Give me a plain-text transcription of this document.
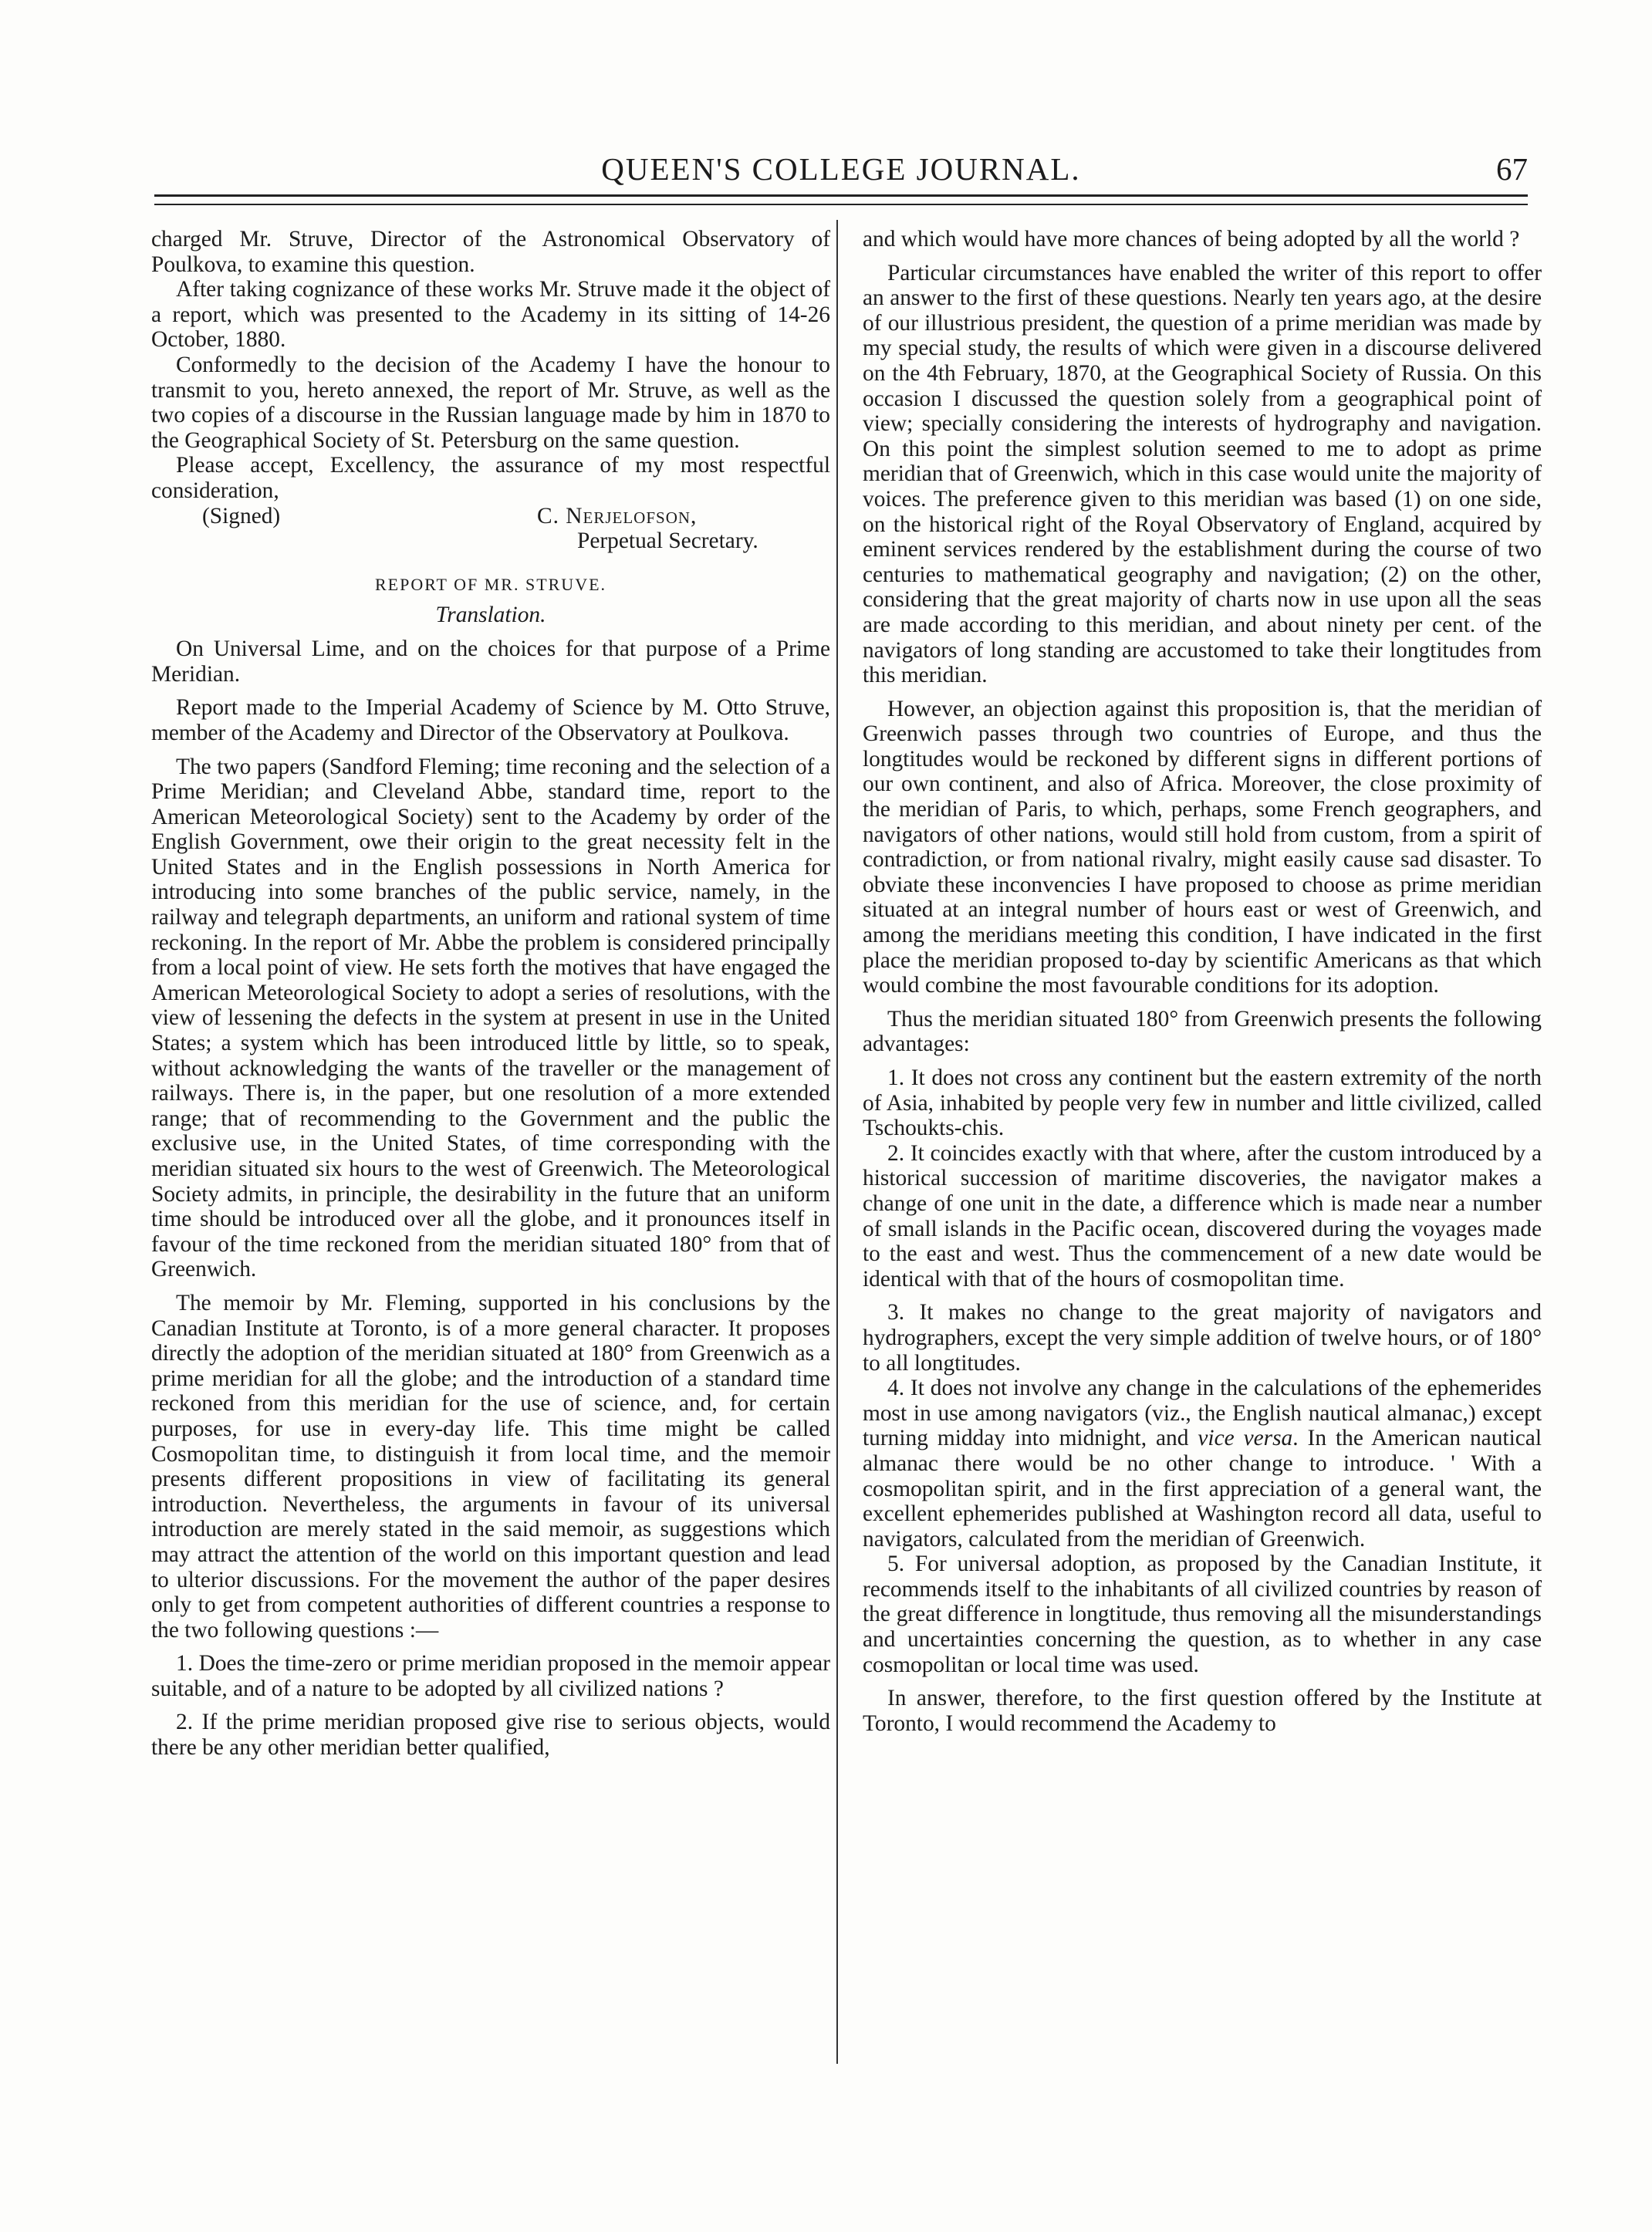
QUEEN'S COLLEGE JOURNAL.	67

charged Mr. Struve, Director of the Astronomical Observatory of Poulkova, to examine this question.

After taking cognizance of these works Mr. Struve made it the object of a report, which was presented to the Academy in its sitting of 14-26 October, 1880.

Conformedly to the decision of the Academy I have the honour to transmit to you, hereto annexed, the report of Mr. Struve, as well as the two copies of a discourse in the Russian language made by him in 1870 to the Geographical Society of St. Petersburg on the same question.

Please accept, Excellency, the assurance of my most respectful consideration,

(Signed)	C. Nerjelofson,
Perpetual Secretary.
REPORT OF MR. STRUVE.
Translation.

On Universal Lime, and on the choices for that purpose of a Prime Meridian.

Report made to the Imperial Academy of Science by M. Otto Struve, member of the Academy and Director of the Observatory at Poulkova.

The two papers (Sandford Fleming; time reconing and the selection of a Prime Meridian; and Cleveland Abbe, standard time, report to the American Meteorological Society) sent to the Academy by order of the English Government, owe their origin to the great necessity felt in the United States and in the English possessions in North America for introducing into some branches of the public service, namely, in the railway and telegraph departments, an uniform and rational system of time reckoning. In the report of Mr. Abbe the problem is considered principally from a local point of view. He sets forth the motives that have engaged the American Meteorological Society to adopt a series of resolutions, with the view of lessening the defects in the system at present in use in the United States; a system which has been introduced little by little, so to speak, without acknowledging the wants of the traveller or the management of railways. There is, in the paper, but one resolution of a more extended range; that of recommending to the Government and the public the exclusive use, in the United States, of time corresponding with the meridian situated six hours to the west of Greenwich. The Meteorological Society admits, in principle, the desirability in the future that an uniform time should be introduced over all the globe, and it pronounces itself in favour of the time reckoned from the meridian situated 180° from that of Greenwich.

The memoir by Mr. Fleming, supported in his conclusions by the Canadian Institute at Toronto, is of a more general character. It proposes directly the adoption of the meridian situated at 180° from Greenwich as a prime meridian for all the globe; and the introduction of a standard time reckoned from this meridian for the use of science, and, for certain purposes, for use in every-day life. This time might be called Cosmopolitan time, to distinguish it from local time, and the memoir presents different propositions in view of facilitating its general introduction. Nevertheless, the arguments in favour of its universal introduction are merely stated in the said memoir, as suggestions which may attract the attention of the world on this important question and lead to ulterior discussions. For the movement the author of the paper desires only to get from competent authorities of different countries a response to the two following questions :—

1. Does the time-zero or prime meridian proposed in the memoir appear suitable, and of a nature to be adopted by all civilized nations ?

2. If the prime meridian proposed give rise to serious objects, would there be any other meridian better qualified,

and which would have more chances of being adopted by all the world ?

Particular circumstances have enabled the writer of this report to offer an answer to the first of these questions. Nearly ten years ago, at the desire of our illustrious president, the question of a prime meridian was made by my special study, the results of which were given in a discourse delivered on the 4th February, 1870, at the Geographical Society of Russia. On this occasion I discussed the question solely from a geographical point of view; specially considering the interests of hydrography and navigation. On this point the simplest solution seemed to me to adopt as prime meridian that of Greenwich, which in this case would unite the majority of voices. The preference given to this meridian was based (1) on one side, on the historical right of the Royal Observatory of England, acquired by eminent services rendered by the establishment during the course of two centuries to mathematical geography and navigation; (2) on the other, considering that the great majority of charts now in use upon all the seas are made according to this meridian, and about ninety per cent. of the navigators of long standing are accustomed to take their longtitudes from this meridian.

However, an objection against this proposition is, that the meridian of Greenwich passes through two countries of Europe, and thus the longtitudes would be reckoned by different signs in different portions of our own continent, and also of Africa. Moreover, the close proximity of the meridian of Paris, to which, perhaps, some French geographers, and navigators of other nations, would still hold from custom, from a spirit of contradiction, or from national rivalry, might easily cause sad disaster. To obviate these inconvencies I have proposed to choose as prime meridian situated at an integral number of hours east or west of Greenwich, and among the meridians meeting this condition, I have indicated in the first place the meridian proposed to-day by scientific Americans as that which would combine the most favourable conditions for its adoption.

Thus the meridian situated 180° from Greenwich presents the following advantages:

1. It does not cross any continent but the eastern extremity of the north of Asia, inhabited by people very few in number and little civilized, called Tschoukts-chis.

2. It coincides exactly with that where, after the custom introduced by a historical succession of maritime discoveries, the navigator makes a change of one unit in the date, a difference which is made near a number of small islands in the Pacific ocean, discovered during the voyages made to the east and west. Thus the commencement of a new date would be identical with that of the hours of cosmopolitan time.

3. It makes no change to the great majority of navigators and hydrographers, except the very simple addition of twelve hours, or of 180° to all longtitudes.

4. It does not involve any change in the calculations of the ephemerides most in use among navigators (viz., the English nautical almanac,) except turning midday into midnight, and vice versa. In the American nautical almanac there would be no other change to introduce. ' With a cosmopolitan spirit, and in the first appreciation of a general want, the excellent ephemerides published at Washington record all data, useful to navigators, calculated from the meridian of Greenwich.

5. For universal adoption, as proposed by the Canadian Institute, it recommends itself to the inhabitants of all civilized countries by reason of the great difference in longtitude, thus removing all the misunderstandings and uncertainties concerning the question, as to whether in any case cosmopolitan or local time was used.

In answer, therefore, to the first question offered by the Institute at Toronto, I would recommend the Academy to
